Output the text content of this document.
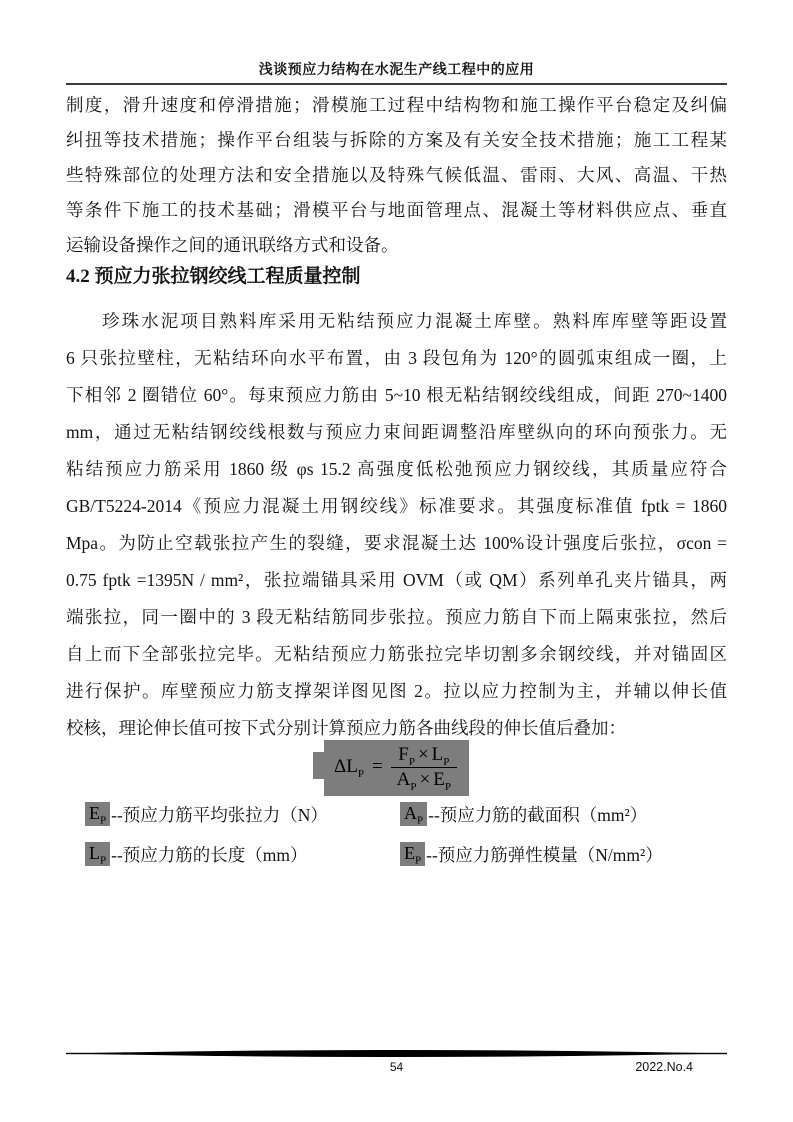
浅谈预应力结构在水泥生产线工程中的应用
制度，滑升速度和停滑措施；滑模施工过程中结构物和施工操作平台稳定及纠偏
纠扭等技术措施；操作平台组装与拆除的方案及有关安全技术措施；施工工程某
些特殊部位的处理方法和安全措施以及特殊气候低温、雷雨、大风、高温、干热
等条件下施工的技术基础；滑模平台与地面管理点、混凝土等材料供应点、垂直
运输设备操作之间的通讯联络方式和设备。
4.2 预应力张拉钢绞线工程质量控制
珍珠水泥项目熟料库采用无粘结预应力混凝土库壁。熟料库库壁等距设置
6 只张拉壁柱，无粘结环向水平布置，由 3 段包角为 120°的圆弧束组成一圈，上
下相邻 2 圈错位 60°。每束预应力筋由 5~10 根无粘结钢绞线组成，间距 270~1400
mm，通过无粘结钢绞线根数与预应力束间距调整沿库壁纵向的环向预张力。无
粘结预应力筋采用 1860 级 φs 15.2 高强度低松弛预应力钢绞线，其质量应符合
GB/T5224-2014《预应力混凝土用钢绞线》标准要求。其强度标准值 fptk = 1860
Mpa。为防止空载张拉产生的裂缝，要求混凝土达 100%设计强度后张拉，σcon =
0.75 fptk =1395N / mm²，张拉端锚具采用 OVM（或 QM）系列单孔夹片锚具，两
端张拉，同一圈中的 3 段无粘结筋同步张拉。预应力筋自下而上隔束张拉，然后
自上而下全部张拉完毕。无粘结预应力筋张拉完毕切割多余钢绞线，并对锚固区
进行保护。库壁预应力筋支撑架详图见图 2。拉以应力控制为主，并辅以伸长值
校核，理论伸长值可按下式分别计算预应力筋各曲线段的伸长值后叠加：
$\Delta L_P = \frac{F_P \times L_P}{A_P \times E_P}$
$E_P$ --预应力筋平均张拉力（N）	$A_P$ --预应力筋的截面积（mm²）
$L_P$ --预应力筋的长度（mm）	$E_P$ --预应力筋弹性模量（N/mm²）
54	2022.No.4
